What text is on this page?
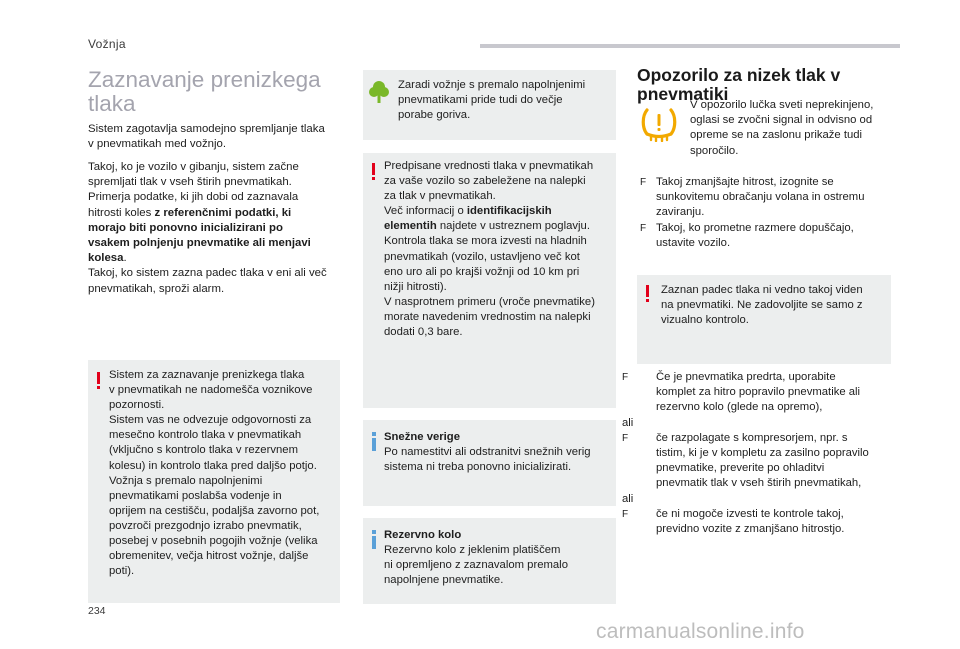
Vožnja
Zaznavanje prenizkega
tlaka
Sistem zagotavlja samodejno spremljanje tlaka
v pnevmatikah med vožnjo.
Takoj, ko je vozilo v gibanju, sistem začne
spremljati tlak v vseh štirih pnevmatikah.
Primerja podatke, ki jih dobi od zaznavala
hitrosti koles z referenčnimi podatki, ki
morajo biti ponovno inicializirani po
vsakem polnjenju pnevmatike ali menjavi
kolesa.
Takoj, ko sistem zazna padec tlaka v eni ali več
pnevmatikah, sproži alarm.
Sistem za zaznavanje prenizkega tlaka
v pnevmatikah ne nadomešča voznikove
pozornosti.
Sistem vas ne odvezuje odgovornosti za
mesečno kontrolo tlaka v pnevmatikah
(vključno s kontrolo tlaka v rezervnem
kolesu) in kontrolo tlaka pred daljšo potjo.
Vožnja s premalo napolnjenimi
pnevmatikami poslabša vodenje in
oprijem na cestišču, podaljša zavorno pot,
povzroči prezgodnjo izrabo pnevmatik,
posebej v posebnih pogojih vožnje (velika
obremenitev, večja hitrost vožnje, daljše
poti).
Zaradi vožnje s premalo napolnjenimi
pnevmatikami pride tudi do večje
porabe goriva.
Predpisane vrednosti tlaka v pnevmatikah
za vaše vozilo so zabeležene na nalepki
za tlak v pnevmatikah.
Več informacij o identifikacijskih
elementih najdete v ustreznem poglavju.
Kontrola tlaka se mora izvesti na hladnih
pnevmatikah (vozilo, ustavljeno več kot
eno uro ali po krajši vožnji od 10 km pri
nižji hitrosti).
V nasprotnem primeru (vroče pnevmatike)
morate navedenim vrednostim na nalepki
dodati 0,3 bare.
Snežne verige
Po namestitvi ali odstranitvi snežnih verig
sistema ni treba ponovno inicializirati.
Rezervno kolo
Rezervno kolo z jeklenim platiščem
ni opremljeno z zaznavalom premalo
napolnjene pnevmatike.
Opozorilo za nizek tlak v
pnevmatiki
V opozorilo lučka sveti neprekinjeno,
oglasi se zvočni signal in odvisno od
opreme se na zaslonu prikaže tudi
sporočilo.
F Takoj zmanjšajte hitrost, izognite se
sunkovitemu obračanju volana in ostremu
zaviranju.
F Takoj, ko prometne razmere dopuščajo,
ustavite vozilo.
Zaznan padec tlaka ni vedno takoj viden
na pnevmatiki. Ne zadovoljite se samo z
vizualno kontrolo.
F Če je pnevmatika predrta, uporabite
komplet za hitro popravilo pnevmatike ali
rezervno kolo (glede na opremo),
ali
F če razpolagate s kompresorjem, npr. s
tistim, ki je v kompletu za zasilno popravilo
pnevmatike, preverite po ohladitvi
pnevmatik tlak v vseh štirih pnevmatikah,
ali
F če ni mogoče izvesti te kontrole takoj,
previdno vozite z zmanjšano hitrostjo.
234
carmanualsonline.info
